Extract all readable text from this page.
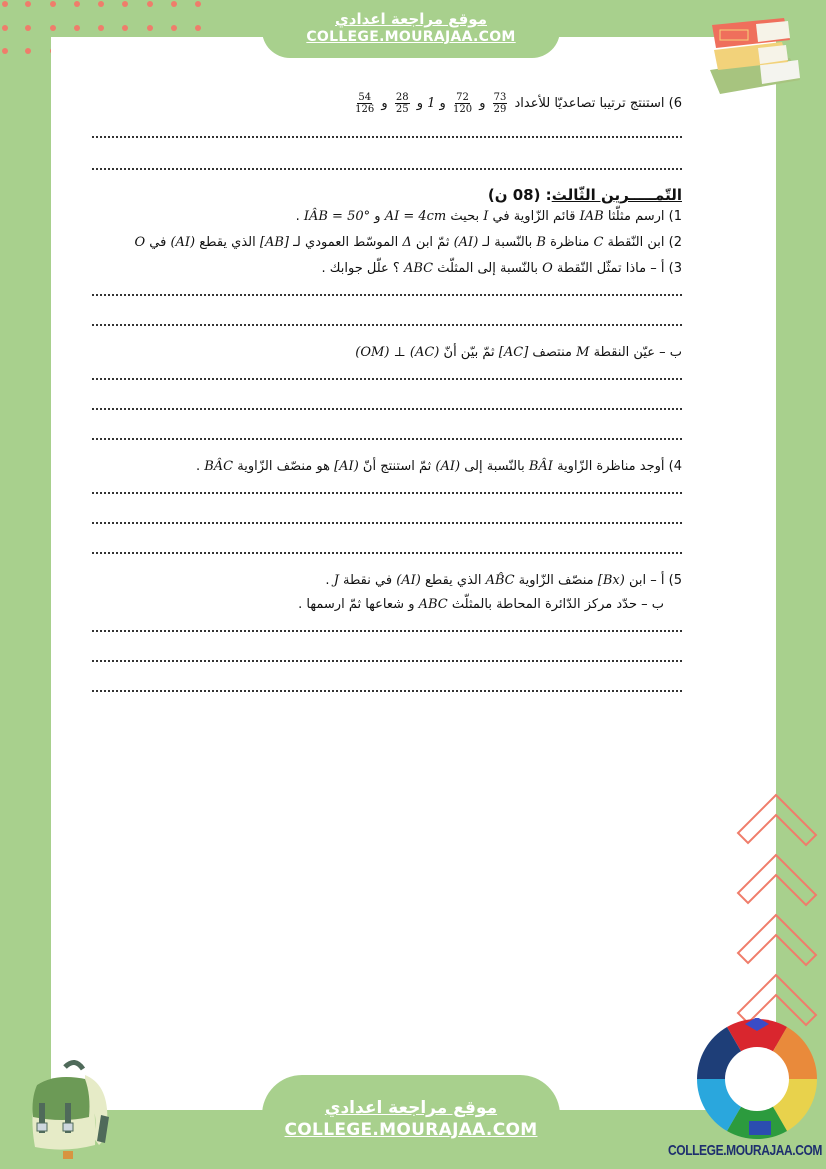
موقع مراجعة اعدادي
COLLEGE.MOURAJAA.COM
6) استنتج ترتيبا تصاعديّا للأعداد
$\frac{73}{29}$
و
$\frac{72}{120}$
و 1 و
$\frac{28}{25}$
و
$\frac{54}{126}$
التّمـــــرين الثّالث: (08 ن)
1) ارسم مثلّثا IAB قائم الزّاوية في I بحيث AI = 4cm و IÂB = 50° .
2) ابن النّقطة C مناظرة B بالنّسبة لـ (AI) ثمّ ابن Δ الموسّط العمودي لـ [AB] الذي يقطع (AI) في O
3) أ – ماذا تمثّل النّقطة O بالنّسبة إلى المثلّث ABC ؟ علّل جوابك .
ب – عيّن النقطة M منتصف [AC] ثمّ بيّن أنّ (OM) ⊥ (AC)
4) أوجد مناظرة الزّاوية BÂI بالنّسبة إلى (AI) ثمّ استنتج أنّ [AI) هو منصّف الزّاوية BÂC .
5) أ – ابن [Bx) منصّف الزّاوية AB̂C الذي يقطع (AI) في نقطة J .
ب – حدّد مركز الدّائرة المحاطة بالمثلّث ABC و شعاعها ثمّ ارسمها .
COLLEGE.MOURAJAA.COM
موقع مراجعة اعدادي
COLLEGE.MOURAJAA.COM
